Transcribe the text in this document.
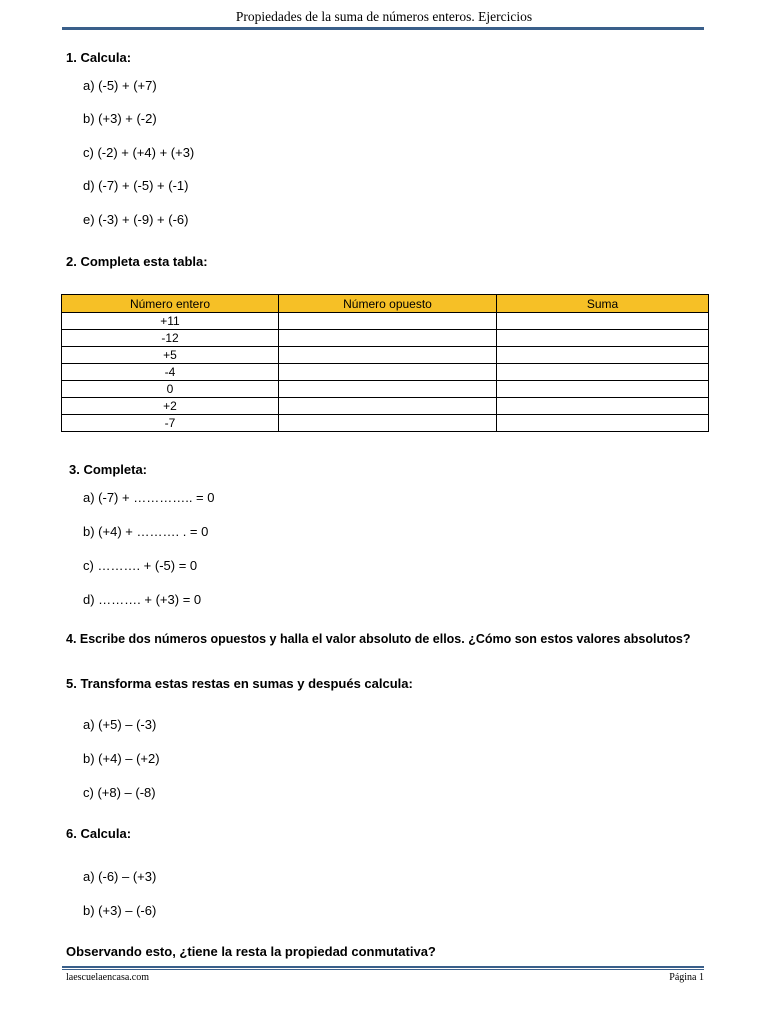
Propiedades de la suma de números enteros. Ejercicios
1. Calcula:
a) (-5) + (+7)
b) (+3) + (-2)
c) (-2) + (+4) + (+3)
d) (-7) + (-5) + (-1)
e) (-3) + (-9) + (-6)
2. Completa esta tabla:
Número entero	Número opuesto	Suma
+11		
-12		
+5		
-4		
0		
+2		
-7		
3. Completa:
a) (-7) + ………….. = 0
b) (+4) + ………. . = 0
c) ………. + (-5) = 0
d) ………. + (+3) = 0
4. Escribe dos números opuestos y halla el valor absoluto de ellos. ¿Cómo son estos valores absolutos?
5. Transforma estas restas en sumas y después calcula:
a) (+5) – (-3)
b) (+4) – (+2)
c) (+8) – (-8)
6. Calcula:
a) (-6) – (+3)
b) (+3) – (-6)
Observando esto, ¿tiene la resta la propiedad conmutativa?
laescuelaencasa.com	Página 1
